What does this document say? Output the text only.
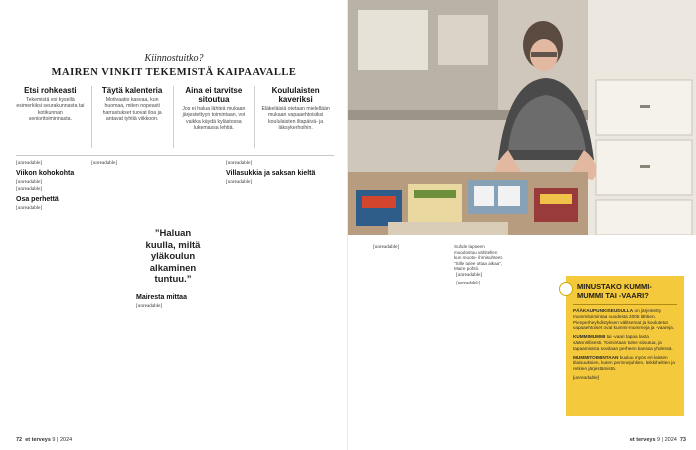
Kiinnostuitko?
MAIREN VINKIT TEKEMISTÄ KAIPAAVALLE
Etsi rohkeasti
Tekemistä voi kysellä esimerkiksi seurakunnasta tai kotikunnan senioritoiminnasta.
Täytä kalenteria
Motivaatio kasvaa, kun huomaa, miten nopeasti harrastukset tuovat iloa ja antavat tyhtiä viikkoon.
Aina ei tarvitse sitoutua
Jos ei halua lähteä mukaan järjestettyyn toimintaan, voi vaikka käydä kylästossa lukemassa lehtiä.
Koululaisten kaveriksi
Eläkeläisiä otetaan mielellään mukaan vapaaehtoisiksi koululaisten iltapäivä- ja läksykerhoihin.

[unreadable]

Viikon kohokohta

[unreadable]

[unreadable]

Osa perhettä

[unreadable]

[unreadable]

”Haluan kuulla, miltä yläkoulun alkaminen tuntuu.”
Mairesta mittaa

[unreadable]

[unreadable]

Villasukkia ja saksan kieltä

[unreadable]

72 et terveys 9 | 2024
Suhde lapseen muodostuu vähitellen kun muoto- ihmisuhteet. ”Sille tulee ottaa aikaa”, Maire pohtii.

[unreadable]

[unreadable]

[unreadable]	MINUSTAKO KUMMI-MUMMI TAI -VAARI?

PÄÄKAUPUNKISEUDULLA on järjestetty mummitoimintaa vuodesta 2005 lähtien. Pienperheyhdistyksen välitsemat ja koulutetut vapaaehtoiset ovat kummi-mummeja ja -vaareja.

KUMMIMUMMI tai -vaari tapaa lasta säännöllisesti. Toimintaan tulee sitoutua, ja tapaamisista sovitaan perheen kanssa yhdessä.

MUMMITOIMINTAAN kuuluu myös eri-laisten tilaisuuksien, kuten perinnejuhlien, leikkiheltien ja retkien järjestämistä.

[unreadable]

et terveys 9 | 2024 73
